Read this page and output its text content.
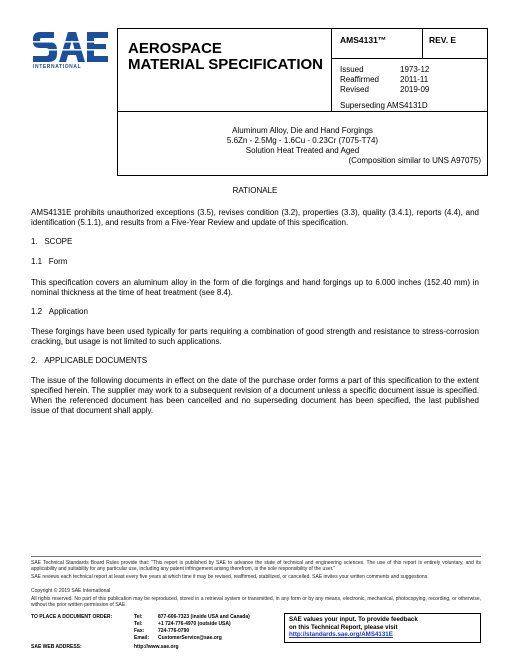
INTERNATIONAL
AEROSPACE
MATERIAL SPECIFICATION
AMS4131™	REV. E
Issued	1973-12
Reaffirmed	2011-11
Revised	2019-09
Superseding AMS4131D
Aluminum Alloy, Die and Hand Forgings
5.6Zn - 2.5Mg - 1.6Cu - 0.23Cr (7075-T74)
Solution Heat Treated and Aged
(Composition similar to UNS A97075)
RATIONALE
AMS4131E prohibits unauthorized exceptions (3.5), revises condition (3.2), properties (3.3), quality (3.4.1), reports (4.4), and identification (5.1.1), and results from a Five-Year Review and update of this specification.
1.   SCOPE
1.1   Form
This specification covers an aluminum alloy in the form of die forgings and hand forgings up to 6.000 inches (152.40 mm) in nominal thickness at the time of heat treatment (see 8.4).
1.2   Application
These forgings have been used typically for parts requiring a combination of good strength and resistance to stress-corrosion cracking, but usage is not limited to such applications.
2.   APPLICABLE DOCUMENTS
The issue of the following documents in effect on the date of the purchase order forms a part of this specification to the extent specified herein. The supplier may work to a subsequent revision of a document unless a specific document issue is specified. When the referenced document has been cancelled and no superseding document has been specified, the last published issue of that document shall apply.
SAE Technical Standards Board Rules provide that: "This report is published by SAE to advance the state of technical and engineering sciences. The use of this report is entirely voluntary, and its applicability and suitability for any particular use, including any patent infringement arising therefrom, is the sole responsibility of the user."
SAE reviews each technical report at least every five years at which time it may be revised, reaffirmed, stabilized, or cancelled. SAE invites your written comments and suggestions.
Copyright © 2019 SAE International
All rights reserved. No part of this publication may be reproduced, stored in a retrieval system or transmitted, in any form or by any means, electronic, mechanical, photocopying, recording, or otherwise, without the prior written permission of SAE.
TO PLACE A DOCUMENT ORDER:	Tel:	877-606-7323 (inside USA and Canada)
Tel:	+1 724-776-4970 (outside USA)
Fax:	724-776-0790
Email: CustomerService@sae.org
SAE WEB ADDRESS:	http://www.sae.org
SAE values your input. To provide feedback
on this Technical Report, please visit
http://standards.sae.org/AMS4131E
